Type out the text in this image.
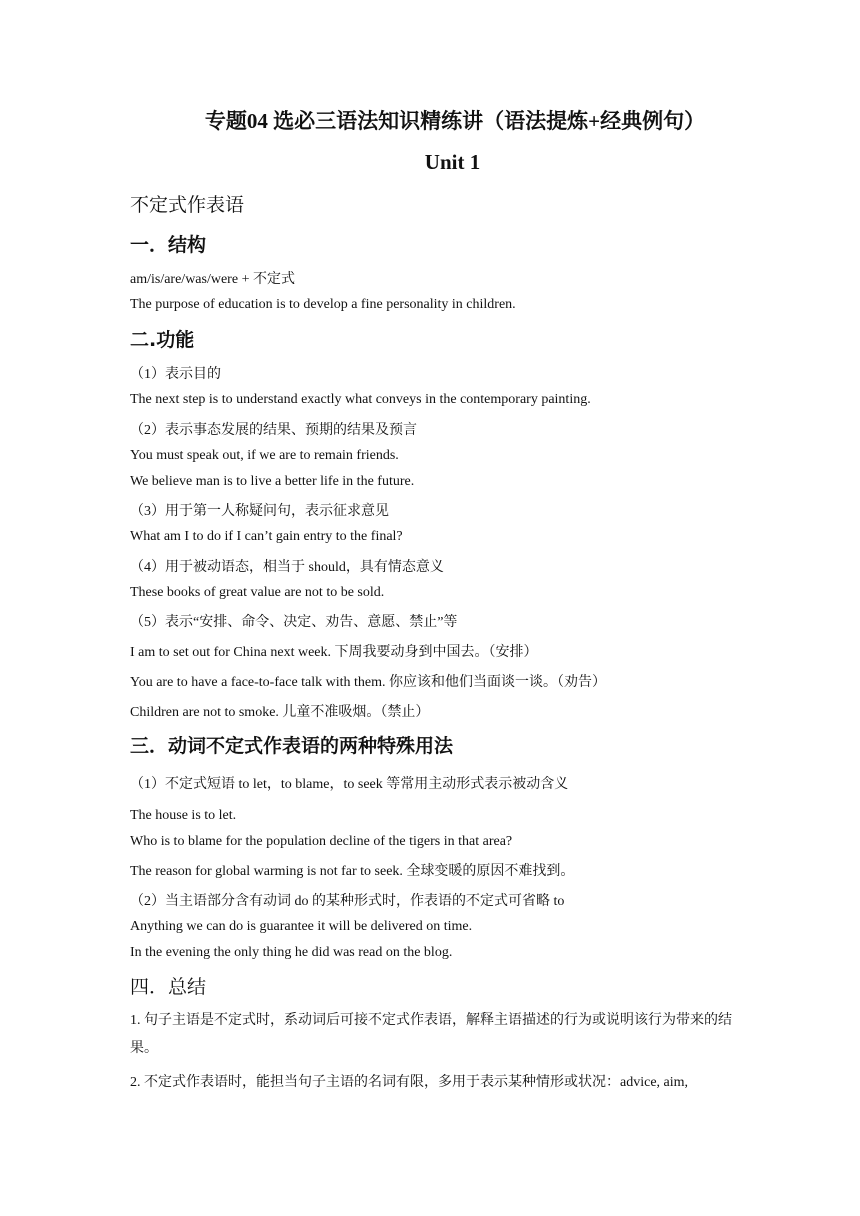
专题04 选必三语法知识精练讲（语法提炼+经典例句）
Unit 1
不定式作表语
一．结构
am/is/are/was/were + 不定式
The purpose of education is to develop a fine personality in children.
二.功能
（1）表示目的
The next step is to understand exactly what conveys in the contemporary painting.
（2）表示事态发展的结果、预期的结果及预言
You must speak out, if we are to remain friends.
We believe man is to live a better life in the future.
（3）用于第一人称疑问句，表示征求意见
What am I to do if I can’t gain entry to the final?
（4）用于被动语态，相当于 should，具有情态意义
These books of great value are not to be sold.
（5）表示“安排、命令、决定、劝告、意愿、禁止”等
I am to set out for China next week. 下周我要动身到中国去。（安排）
You are to have a face-to-face talk with them. 你应该和他们当面谈一谈。（劝告）
Children are not to smoke. 儿童不准吸烟。（禁止）
三．动词不定式作表语的两种特殊用法
（1）不定式短语 to let，to blame，to seek 等常用主动形式表示被动含义
The house is to let.
Who is to blame for the population decline of the tigers in that area?
The reason for global warming is not far to seek. 全球变暖的原因不难找到。
（2）当主语部分含有动词 do 的某种形式时，作表语的不定式可省略 to
Anything we can do is guarantee it will be delivered on time.
In the evening the only thing he did was read on the blog.
四．总结
1. 句子主语是不定式时，系动词后可接不定式作表语，解释主语描述的行为或说明该行为带来的结果。
2. 不定式作表语时，能担当句子主语的名词有限，多用于表示某种情形或状况：advice, aim,
